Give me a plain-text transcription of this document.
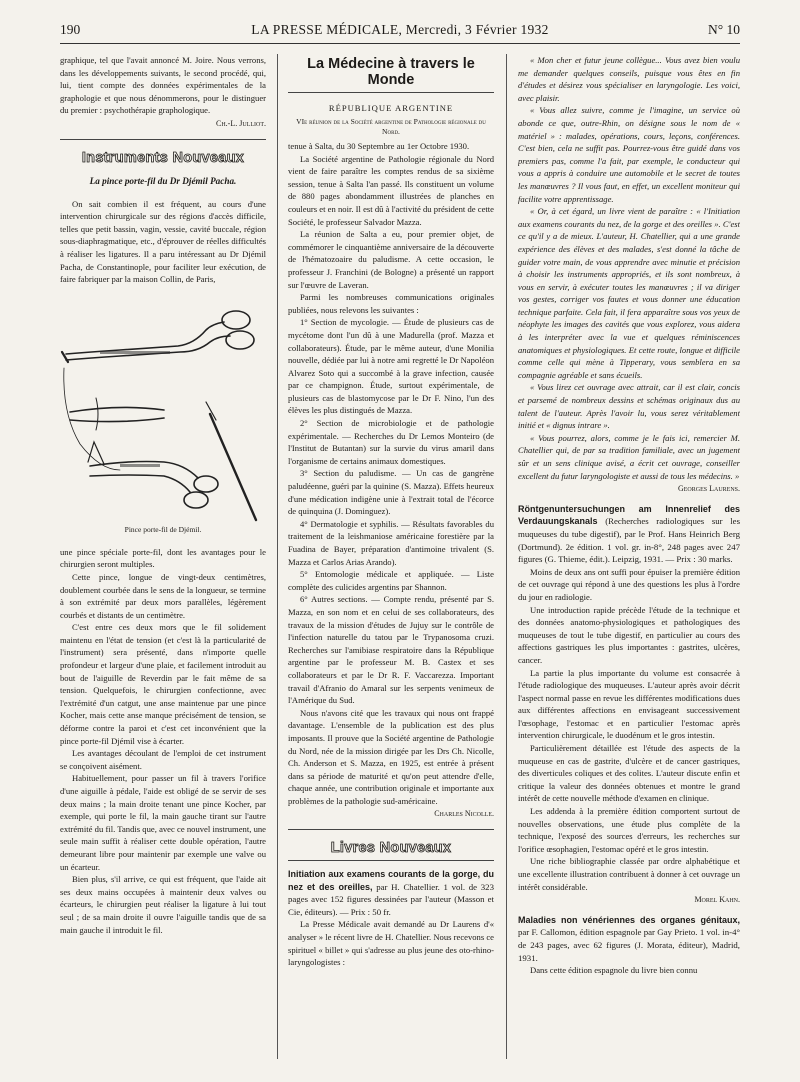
190	LA PRESSE MÉDICALE, Mercredi, 3 Février 1932	N° 10

graphique, tel que l'avait annoncé M. Joire. Nous verrons, dans les développements suivants, le second procédé, qui, lui, tient compte des données expérimentales de la graphologie et que nous dénommerons, pour le distinguer du premier : psychothérapie graphologique.

Ch.-L. Julliot.

Instruments Nouveaux
La pince porte-fil du Dr Djémil Pacha.

On sait combien il est fréquent, au cours d'une intervention chirurgicale sur des régions d'accès difficile, telles que petit bassin, vagin, vessie, cavité buccale, région sous-diaphragmatique, etc., d'éprouver de réelles difficultés à réaliser les ligatures. Il a paru intéressant au Dr Djémil Pacha, de Constantinople, pour faciliter leur exécution, de faire fabriquer par la maison Collin, de Paris,

Pince porte-fil de Djémil.

une pince spéciale porte-fil, dont les avantages pour le chirurgien seront multiples.

Cette pince, longue de vingt-deux centimètres, doublement courbée dans le sens de la longueur, se termine à son extrémité par deux mors parallèles, légèrement courbés et distants de un centimètre.

C'est entre ces deux mors que le fil solidement maintenu en l'état de tension (et c'est là la particularité de l'instrument) sera présenté, dans n'importe quelle profondeur et largeur d'une plaie, et facilement introduit au bout de l'aiguille de Reverdin par le fait même de sa tension. Quelquefois, le chirurgien confectionne, avec l'extrémité d'un catgut, une anse maintenue par une pince Kocher, mais cette anse manque précisément de tension, se déforme contre la paroi et c'est cet inconvénient que la pince porte-fil Djémil vise à écarter.

Les avantages découlant de l'emploi de cet instrument se conçoivent aisément.

Habituellement, pour passer un fil à travers l'orifice d'une aiguille à pédale, l'aide est obligé de se servir de ses deux mains ; la main droite tenant une pince Kocher, par exemple, qui porte le fil, la main gauche tirant sur l'autre extrémité du fil. Tandis que, avec ce nouvel instrument, une seule main suffit à réaliser cette double opération, l'autre demeurant libre pour maintenir par exemple une valve ou un écarteur.

Bien plus, s'il arrive, ce qui est fréquent, que l'aide ait ses deux mains occupées à maintenir deux valves ou écarteurs, le chirurgien peut réaliser la ligature à lui tout seul ; de sa main droite il ouvre l'aiguille tandis que de sa main gauche il introduit le fil.

La Médecine à travers le Monde
RÉPUBLIQUE ARGENTINE
VIe réunion de la Société argentine de Pathologie régionale du Nord.

tenue à Salta, du 30 Septembre au 1er Octobre 1930.

La Société argentine de Pathologie régionale du Nord vient de faire paraître les comptes rendus de sa sixième session, tenue à Salta l'an passé. Ils constituent un volume de 880 pages abondamment illustrées de planches en couleurs et en noir. Il est dû à l'activité du président de cette Société, le professeur Salvador Mazza.

La réunion de Salta a eu, pour premier objet, de commémorer le cinquantième anniversaire de la découverte de l'hématozoaire du paludisme. A cette occasion, le professeur J. Franchini (de Bologne) a présenté un rapport sur l'œuvre de Laveran.

Parmi les nombreuses communications originales publiées, nous relevons les suivantes :

1° Section de mycologie. — Étude de plusieurs cas de mycétome dont l'un dû à une Madurella (prof. Mazza et collaborateurs). Étude, par le même auteur, d'une Monilia nouvelle, dédiée par lui à notre ami regretté le Dr Napoléon Alvarez Soto qui a succombé à la grave infection, causée par ce champignon. Étude, surtout expérimentale, de plusieurs cas de blastomycose par le Dr F. Nino, l'un des élèves les plus distingués de Mazza.

2° Section de microbiologie et de pathologie expérimentale. — Recherches du Dr Lemos Monteiro (de l'Institut de Butantan) sur la survie du virus amaril dans l'organisme de certains animaux domestiques.

3° Section du paludisme. — Un cas de gangrène paludéenne, guéri par la quinine (S. Mazza). Effets heureux d'une médication indigène unie à l'extrait total de l'écorce de quinquina (J. Dominguez).

4° Dermatologie et syphilis. — Résultats favorables du traitement de la leishmaniose américaine forestière par la Fuadina de Bayer, préparation d'antimoine trivalent (S. Mazza et Carlos Arias Arando).

5° Entomologie médicale et appliquée. — Liste complète des culicides argentins par Shannon.

6° Autres sections. — Compte rendu, présenté par S. Mazza, en son nom et en celui de ses collaborateurs, des travaux de la mission d'études de Jujuy sur le contrôle de l'infection naturelle du tatou par le Trypanosoma cruzi. Recherches sur l'amibiase respiratoire dans la République argentine par le professeur M. B. Castex et ses collaborateurs et par le Dr R. F. Vaccarezza. Important travail d'Afranio do Amaral sur les serpents venimeux de l'Amérique du Sud.

Nous n'avons cité que les travaux qui nous ont frappé davantage. L'ensemble de la publication est des plus imposants. Il prouve que la Société argentine de Pathologie du Nord, née de la mission dirigée par les Drs Ch. Nicolle, Ch. Anderson et S. Mazza, en 1925, est entrée à présent dans sa période de maturité et qu'on peut attendre d'elle, chaque année, une contribution originale et importante aux problèmes de la pathologie sud-américaine.

Charles Nicolle.

Livres Nouveaux
Initiation aux examens courants de la gorge, du nez et des oreilles, par H. Chatellier. 1 vol. de 323 pages avec 152 figures dessinées par l'auteur (Masson et Cie, éditeurs). — Prix : 50 fr.

La Presse Médicale avait demandé au Dr Laurens d'« analyser » le récent livre de H. Chatellier. Nous recevons ce spirituel « billet » qui s'adresse au plus jeune des oto-rhino-laryngologistes :

« Mon cher et futur jeune collègue... Vous avez bien voulu me demander quelques conseils, puisque vous êtes en fin d'études et désirez vous spécialiser en laryngologie. Les voici, avec plaisir.

« Vous allez suivre, comme je l'imagine, un service où abonde ce que, outre-Rhin, on désigne sous le nom de « matériel » : malades, opérations, cours, leçons, conférences. C'est bien, cela ne suffit pas. Pourrez-vous être guidé dans vos premiers pas, comme l'a fait, par exemple, le conducteur qui vous a appris à conduire une automobile et le secret de toutes les manœuvres ? Il vous faut, en effet, un excellent moniteur qui facilite votre apprentissage.

« Or, à cet égard, un livre vient de paraître : « l'Initiation aux examens courants du nez, de la gorge et des oreilles ». C'est ce qu'il y a de mieux. L'auteur, H. Chatellier, qui a une grande expérience des élèves et des malades, s'est donné la tâche de guider votre main, de vous apprendre avec minutie et précision à choisir les instruments appropriés, et ils sont nombreux, à vous en servir, à exécuter toutes les manœuvres ; il va diriger vos gestes, corriger vos fautes et vous donner une éducation technique parfaite. Cela fait, il fera apparaître sous vos yeux de néophyte les images des cavités que vous explorez, vous aidera à les interpréter avec la vue et quelques réminiscences anatomiques et physiologiques. Et cette route, longue et difficile comme celle qui mène à Tipperary, vous semblera en sa compagnie agréable et sans écueils.

« Vous lirez cet ouvrage avec attrait, car il est clair, concis et parsemé de nombreux dessins et schémas originaux dus au talent de l'auteur. Après l'avoir lu, vous serez véritablement initié et « dignus intrare ».

« Vous pourrez, alors, comme je le fais ici, remercier M. Chatellier qui, de par sa tradition familiale, avec un jugement sûr et un sens clinique avisé, a écrit cet ouvrage, conseiller excellent du futur laryngologiste et aussi de tous les médecins. »

Georges Laurens.

Röntgenuntersuchungen am Innenrelief des Verdauungskanals (Recherches radiologiques sur les muqueuses du tube digestif), par le Prof. Hans Heinrich Berg (Dortmund). 2e édition. 1 vol. gr. in-8°, 248 pages avec 247 figures (G. Thieme, édit.). Leipzig, 1931. — Prix : 30 marks.

Moins de deux ans ont suffi pour épuiser la première édition de cet ouvrage qui répond à une des questions les plus à l'ordre du jour en radiologie.

Une introduction rapide précède l'étude de la technique et des données anatomo-physiologiques et pathologiques des muqueuses de tout le tube digestif, en particulier au cours des affections gastriques les plus importantes : gastrites, ulcères, cancer.

La partie la plus importante du volume est consacrée à l'étude radiologique des muqueuses. L'auteur après avoir décrit l'aspect normal passe en revue les différentes modifications dues aux différentes affections en envisageant successivement l'œsophage, l'estomac et en particulier l'estomac après intervention chirurgicale, le duodénum et le gros intestin.

Particulièrement détaillée est l'étude des aspects de la muqueuse en cas de gastrite, d'ulcère et de cancer gastriques, des diverticules coliques et des colites. L'auteur discute enfin et critique la valeur des données obtenues et montre le grand intérêt de cette nouvelle méthode d'examen en clinique.

Les addenda à la première édition comportent surtout de nouvelles observations, une étude plus complète de la technique, l'exposé des sources d'erreurs, les recherches sur l'orifice œsophagien, l'estomac opéré et le gros intestin.

Une riche bibliographie classée par ordre alphabétique et une excellente illustration contribuent à donner à cet ouvrage un intérêt considérable.

Morel Kahn.

Maladies non vénériennes des organes génitaux, par F. Callomon, édition espagnole par Gay Prieto. 1 vol. in-4° de 243 pages, avec 62 figures (J. Morata, éditeur), Madrid, 1931.

Dans cette édition espagnole du livre bien connu
